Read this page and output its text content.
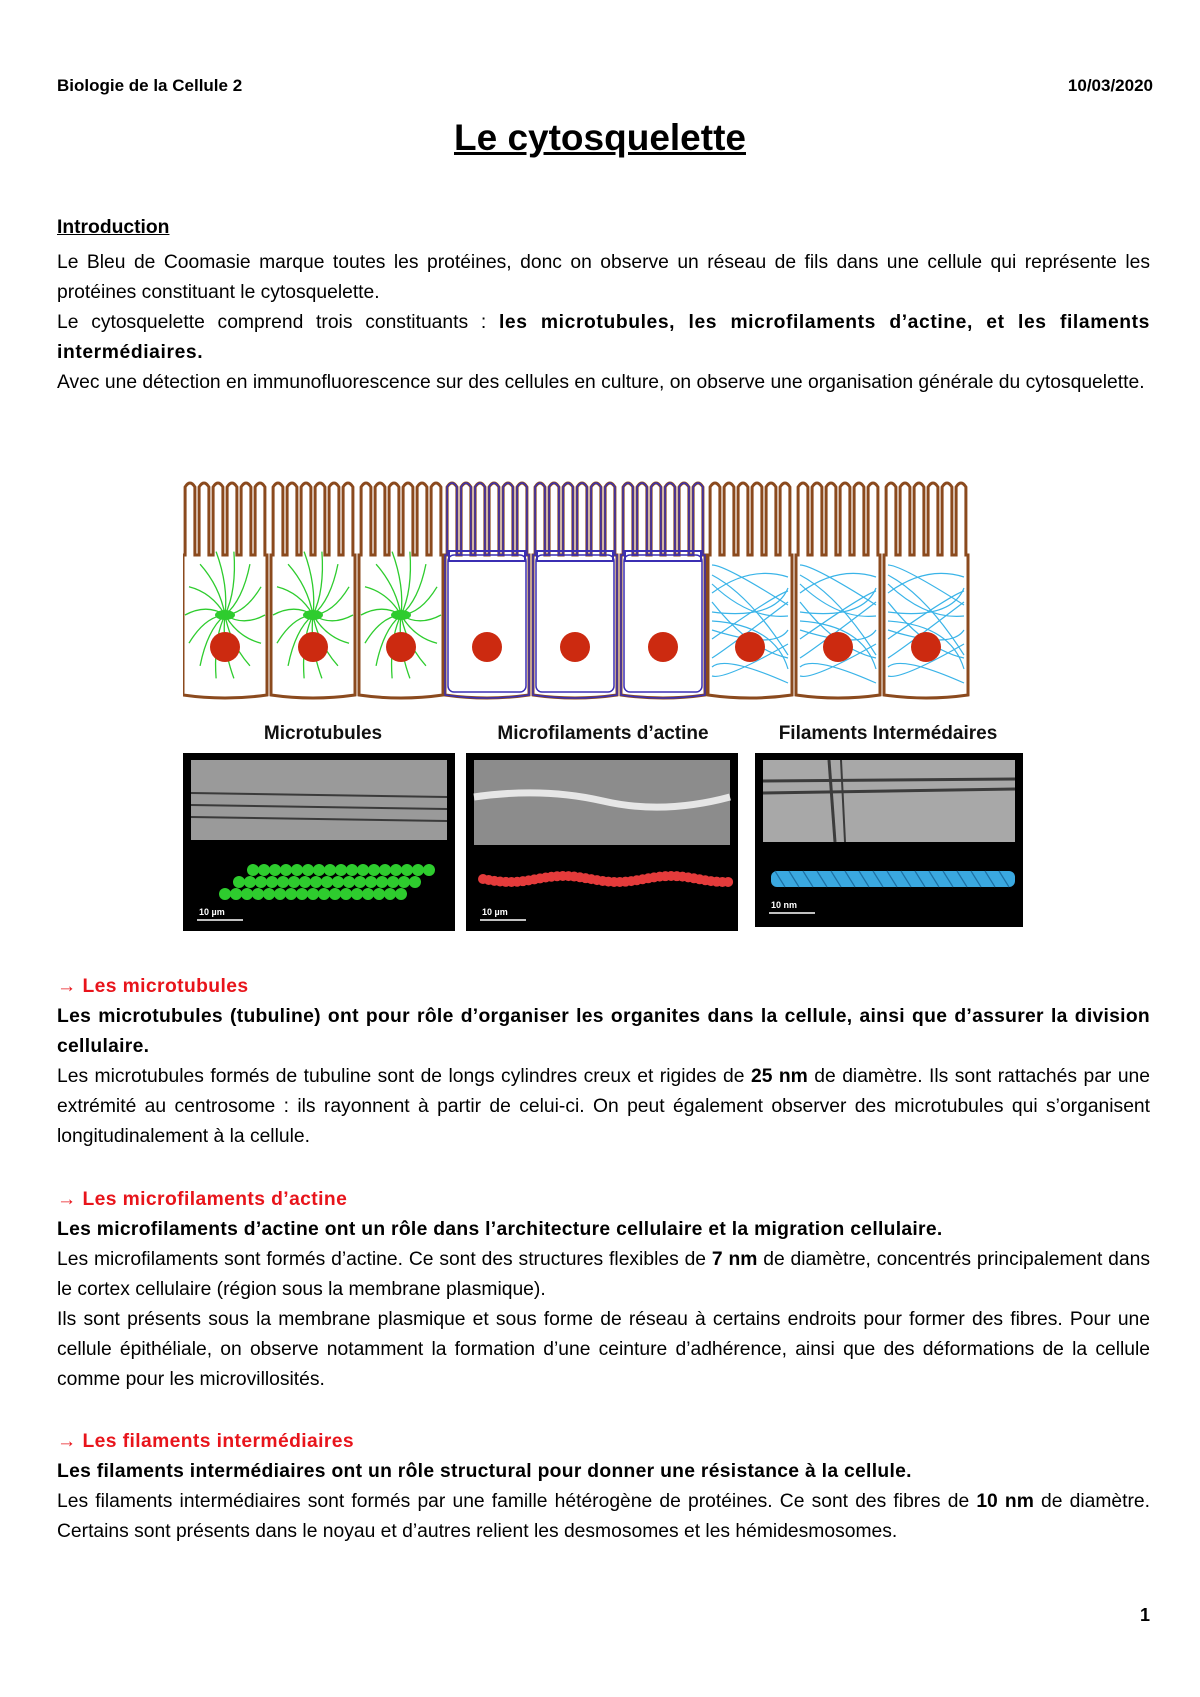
Biologie de la Cellule 2	10/03/2020
Le cytosquelette
Introduction

Le Bleu de Coomasie marque toutes les protéines, donc on observe un réseau de fils dans une cellule qui représente les protéines constituant le cytosquelette.

Le cytosquelette comprend trois constituants : les microtubules, les microfilaments d’actine, et les filaments intermédiaires.

Avec une détection en immunofluorescence sur des cellules en culture, on observe une organisation générale du cytosquelette.

Microtubules	Microfilaments d’actine	Filaments Intermédaires
10 µm	10 µm
10 nm
→ Les microtubules
Les microtubules (tubuline) ont pour rôle d’organiser les organites dans la cellule, ainsi que d’assurer la division cellulaire.

Les microtubules formés de tubuline sont de longs cylindres creux et rigides de 25 nm de diamètre. Ils sont rattachés par une extrémité au centrosome : ils rayonnent à partir de celui-ci. On peut également observer des microtubules qui s’organisent longitudinalement à la cellule.

→ Les microfilaments d’actine
Les microfilaments d’actine ont un rôle dans l’architecture cellulaire et la migration cellulaire.

Les microfilaments sont formés d’actine. Ce sont des structures flexibles de 7 nm de diamètre, concentrés principalement dans le cortex cellulaire (région sous la membrane plasmique).

Ils sont présents sous la membrane plasmique et sous forme de réseau à certains endroits pour former des fibres. Pour une cellule épithéliale, on observe notamment la formation d’une ceinture d’adhérence, ainsi que des déformations de la cellule comme pour les microvillosités.

→ Les filaments intermédiaires
Les filaments intermédiaires ont un rôle structural pour donner une résistance à la cellule.

Les filaments intermédiaires sont formés par une famille hétérogène de protéines. Ce sont des fibres de 10 nm de diamètre. Certains sont présents dans le noyau et d’autres relient les desmosomes et les hémidesmosomes.

1
